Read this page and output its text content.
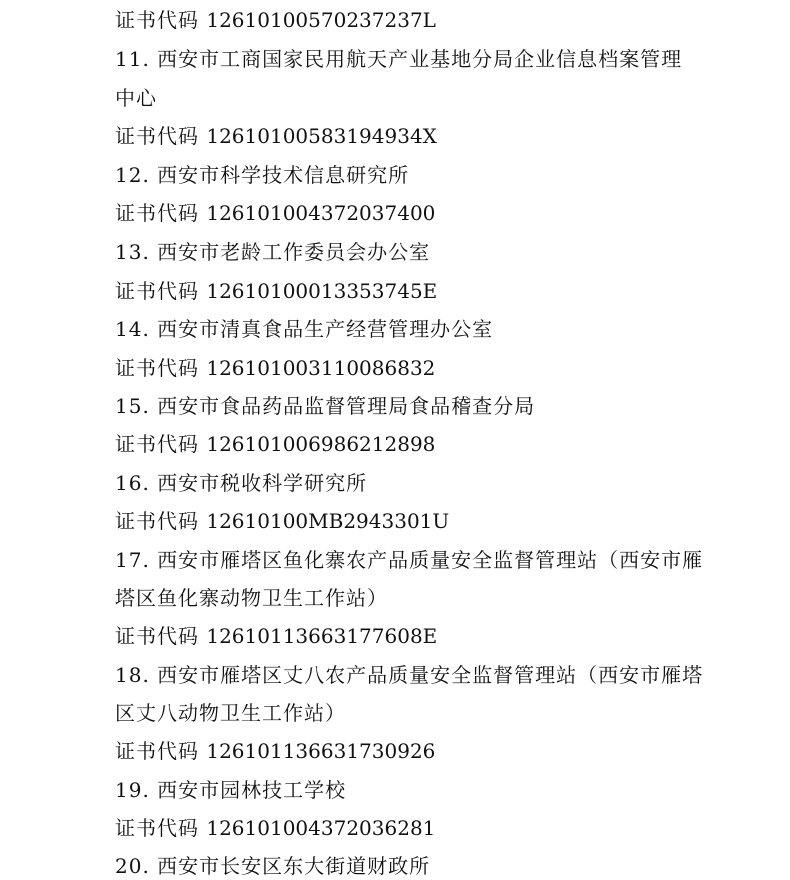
证书代码 12610100570237237L
11. 西安市工商国家民用航天产业基地分局企业信息档案管理
中心
证书代码 12610100583194934X
12. 西安市科学技术信息研究所
证书代码 126101004372037400
13. 西安市老龄工作委员会办公室
证书代码 12610100013353745E
14. 西安市清真食品生产经营管理办公室
证书代码 126101003110086832
15. 西安市食品药品监督管理局食品稽查分局
证书代码 126101006986212898
16. 西安市税收科学研究所
证书代码 12610100MB2943301U
17. 西安市雁塔区鱼化寨农产品质量安全监督管理站（西安市雁
塔区鱼化寨动物卫生工作站）
证书代码 12610113663177608E
18. 西安市雁塔区丈八农产品质量安全监督管理站（西安市雁塔
区丈八动物卫生工作站）
证书代码 126101136631730926
19. 西安市园林技工学校
证书代码 126101004372036281
20. 西安市长安区东大街道财政所
